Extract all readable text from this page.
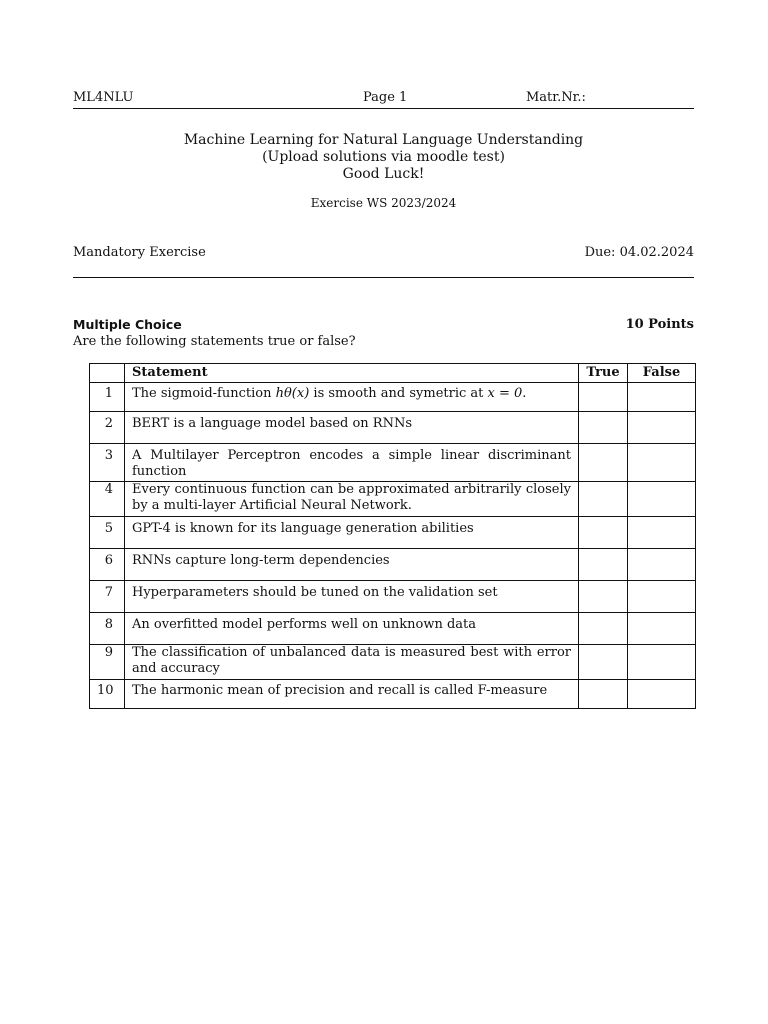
ML4NLU	Page 1	Matr.Nr.:
Machine Learning for Natural Language Understanding
(Upload solutions via moodle test)
Good Luck!
Exercise WS 2023/2024
Mandatory Exercise	Due: 04.02.2024
Multiple Choice	10 Points
Are the following statements true or false?
	Statement	True	False
1	The sigmoid-function hθ(x) is smooth and symetric at x = 0.		
2	BERT is a language model based on RNNs		
3	A Multilayer Perceptron encodes a simple linear discriminant function		
4	Every continuous function can be approximated arbitrarily closely by a multi-layer Artificial Neural Network.		
5	GPT-4 is known for its language generation abilities		
6	RNNs capture long-term dependencies		
7	Hyperparameters should be tuned on the validation set		
8	An overfitted model performs well on unknown data		
9	The classification of unbalanced data is measured best with error and accuracy		
10	The harmonic mean of precision and recall is called F-measure		
